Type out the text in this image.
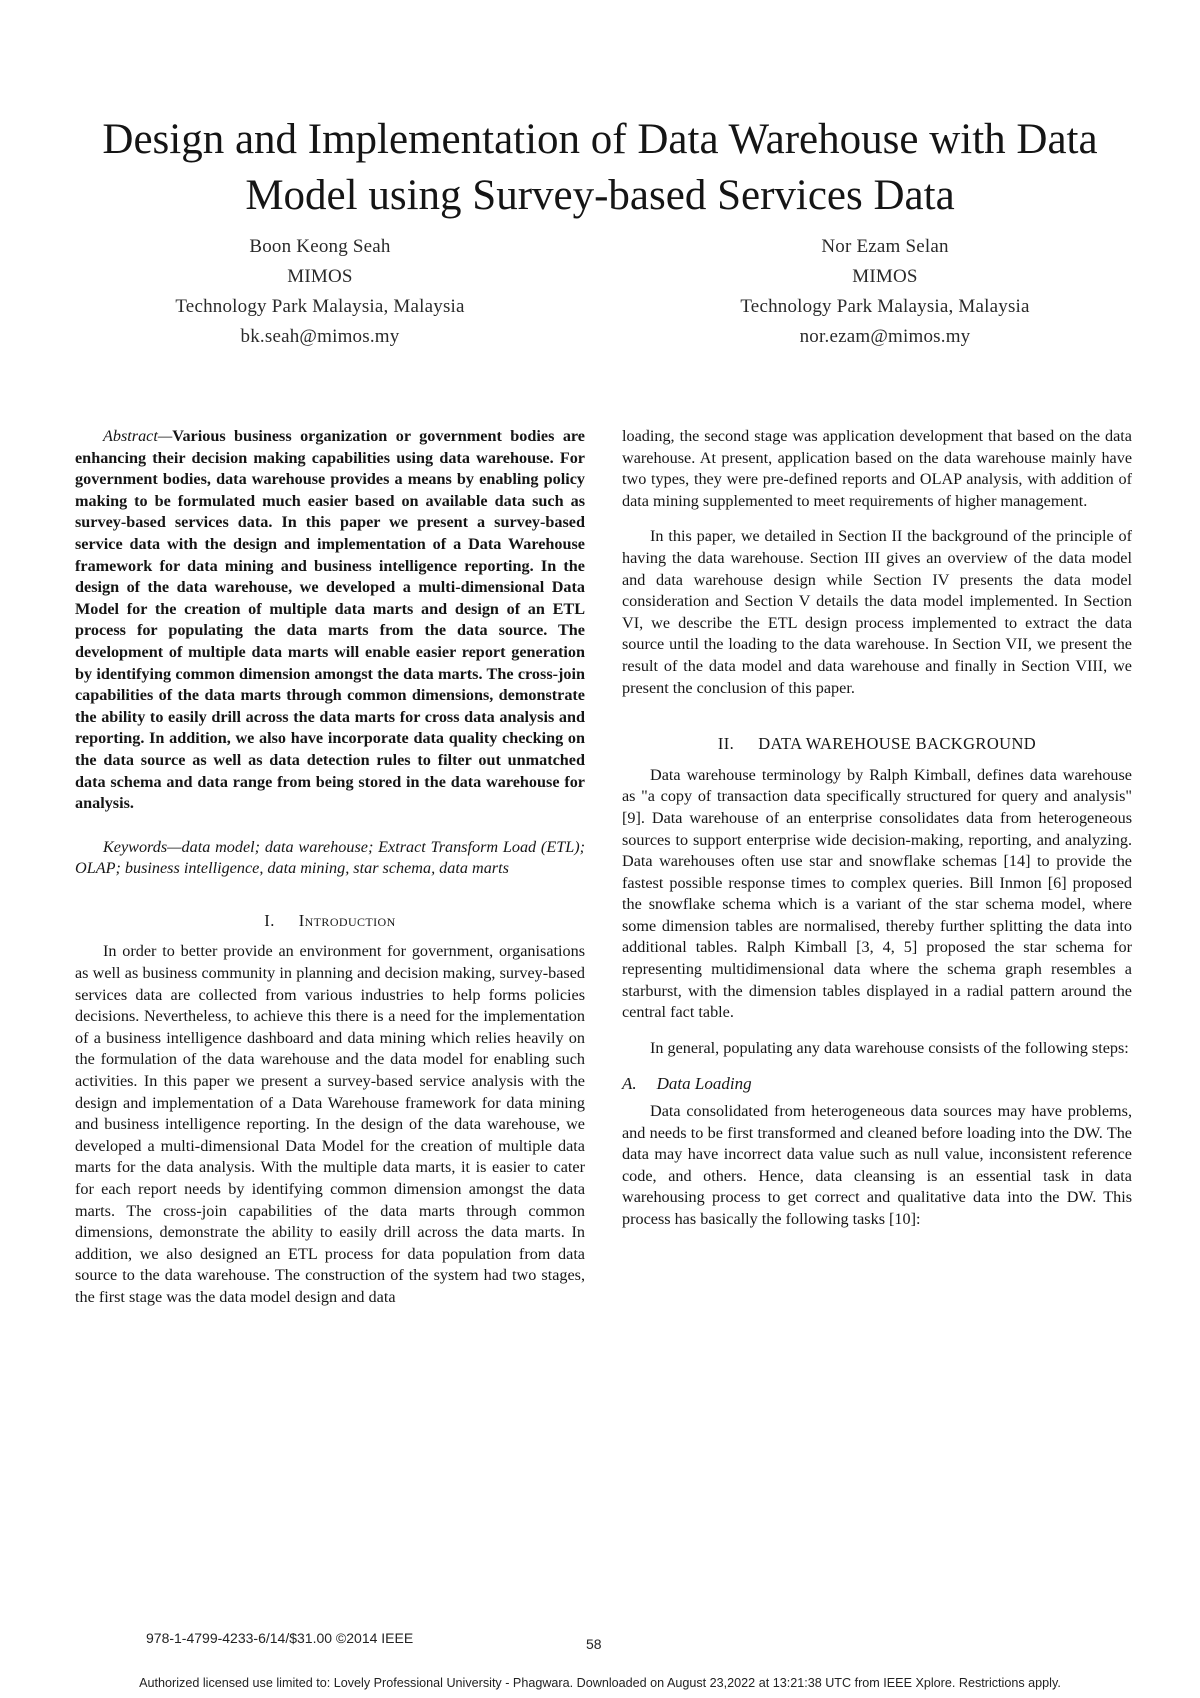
Design and Implementation of Data Warehouse with Data Model using Survey-based Services Data
Boon Keong Seah
MIMOS
Technology Park Malaysia, Malaysia
bk.seah@mimos.my
Nor Ezam Selan
MIMOS
Technology Park Malaysia, Malaysia
nor.ezam@mimos.my

Abstract—Various business organization or government bodies are enhancing their decision making capabilities using data warehouse. For government bodies, data warehouse provides a means by enabling policy making to be formulated much easier based on available data such as survey-based services data. In this paper we present a survey-based service data with the design and implementation of a Data Warehouse framework for data mining and business intelligence reporting. In the design of the data warehouse, we developed a multi-dimensional Data Model for the creation of multiple data marts and design of an ETL process for populating the data marts from the data source. The development of multiple data marts will enable easier report generation by identifying common dimension amongst the data marts. The cross-join capabilities of the data marts through common dimensions, demonstrate the ability to easily drill across the data marts for cross data analysis and reporting. In addition, we also have incorporate data quality checking on the data source as well as data detection rules to filter out unmatched data schema and data range from being stored in the data warehouse for analysis.

Keywords—data model; data warehouse; Extract Transform Load (ETL); OLAP; business intelligence, data mining, star schema, data marts

I. Introduction

In order to better provide an environment for government, organisations as well as business community in planning and decision making, survey-based services data are collected from various industries to help forms policies decisions. Nevertheless, to achieve this there is a need for the implementation of a business intelligence dashboard and data mining which relies heavily on the formulation of the data warehouse and the data model for enabling such activities. In this paper we present a survey-based service analysis with the design and implementation of a Data Warehouse framework for data mining and business intelligence reporting. In the design of the data warehouse, we developed a multi-dimensional Data Model for the creation of multiple data marts for the data analysis. With the multiple data marts, it is easier to cater for each report needs by identifying common dimension amongst the data marts. The cross-join capabilities of the data marts through common dimensions, demonstrate the ability to easily drill across the data marts. In addition, we also designed an ETL process for data population from data source to the data warehouse. The construction of the system had two stages, the first stage was the data model design and data

loading, the second stage was application development that based on the data warehouse. At present, application based on the data warehouse mainly have two types, they were pre-defined reports and OLAP analysis, with addition of data mining supplemented to meet requirements of higher management.

In this paper, we detailed in Section II the background of the principle of having the data warehouse. Section III gives an overview of the data model and data warehouse design while Section IV presents the data model consideration and Section V details the data model implemented. In Section VI, we describe the ETL design process implemented to extract the data source until the loading to the data warehouse. In Section VII, we present the result of the data model and data warehouse and finally in Section VIII, we present the conclusion of this paper.

II. DATA WAREHOUSE BACKGROUND

Data warehouse terminology by Ralph Kimball, defines data warehouse as "a copy of transaction data specifically structured for query and analysis" [9]. Data warehouse of an enterprise consolidates data from heterogeneous sources to support enterprise wide decision-making, reporting, and analyzing. Data warehouses often use star and snowflake schemas [14] to provide the fastest possible response times to complex queries. Bill Inmon [6] proposed the snowflake schema which is a variant of the star schema model, where some dimension tables are normalised, thereby further splitting the data into additional tables. Ralph Kimball [3, 4, 5] proposed the star schema for representing multidimensional data where the schema graph resembles a starburst, with the dimension tables displayed in a radial pattern around the central fact table.

In general, populating any data warehouse consists of the following steps:

A. Data Loading

Data consolidated from heterogeneous data sources may have problems, and needs to be first transformed and cleaned before loading into the DW. The data may have incorrect data value such as null value, inconsistent reference code, and others. Hence, data cleansing is an essential task in data warehousing process to get correct and qualitative data into the DW. This process has basically the following tasks [10]:

978-1-4799-4233-6/14/$31.00 ©2014 IEEE	58
Authorized licensed use limited to: Lovely Professional University - Phagwara. Downloaded on August 23,2022 at 13:21:38 UTC from IEEE Xplore. Restrictions apply.
